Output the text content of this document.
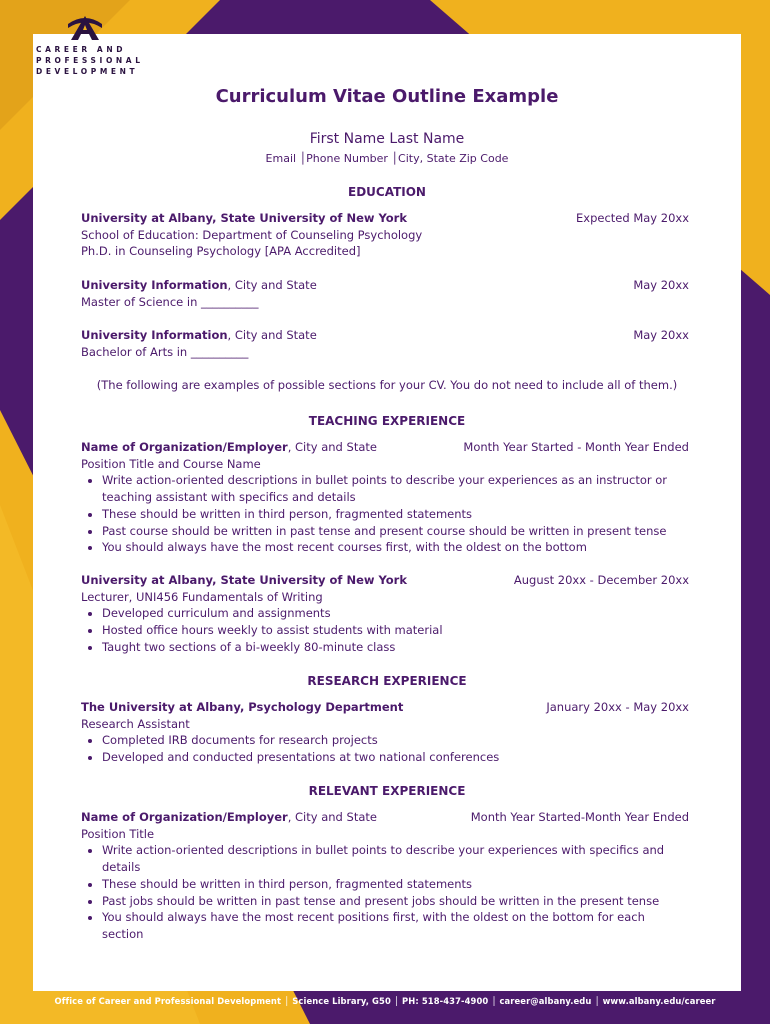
Curriculum Vitae Outline Example
First Name Last Name
Email │Phone Number │City, State Zip Code
EDUCATION
University at Albany, State University of New York	Expected May 20xx
School of Education: Department of Counseling Psychology
Ph.D. in Counseling Psychology [APA Accredited]
University Information, City and State	May 20xx
Master of Science in __________
University Information, City and State	May 20xx
Bachelor of Arts in __________
(The following are examples of possible sections for your CV. You do not need to include all of them.)
TEACHING EXPERIENCE
Name of Organization/Employer, City and State	Month Year Started - Month Year Ended
Position Title and Course Name
• Write action-oriented descriptions in bullet points to describe your experiences as an instructor or teaching assistant with specifics and details
• These should be written in third person, fragmented statements
• Past course should be written in past tense and present course should be written in present tense
• You should always have the most recent courses first, with the oldest on the bottom
University at Albany, State University of New York	August 20xx - December 20xx
Lecturer, UNI456 Fundamentals of Writing
• Developed curriculum and assignments
• Hosted office hours weekly to assist students with material
• Taught two sections of a bi-weekly 80-minute class
RESEARCH EXPERIENCE
The University at Albany, Psychology Department	January 20xx - May 20xx
Research Assistant
• Completed IRB documents for research projects
• Developed and conducted presentations at two national conferences
RELEVANT EXPERIENCE
Name of Organization/Employer, City and State	Month Year Started-Month Year Ended
Position Title
• Write action-oriented descriptions in bullet points to describe your experiences with specifics and details
• These should be written in third person, fragmented statements
• Past jobs should be written in past tense and present jobs should be written in the present tense
• You should always have the most recent positions first, with the oldest on the bottom for each section
CAREER AND
PROFESSIONAL
DEVELOPMENT
Office of Career and Professional Development │ Science Library, G50 │ PH: 518-437-4900 │ career@albany.edu │ www.albany.edu/career
